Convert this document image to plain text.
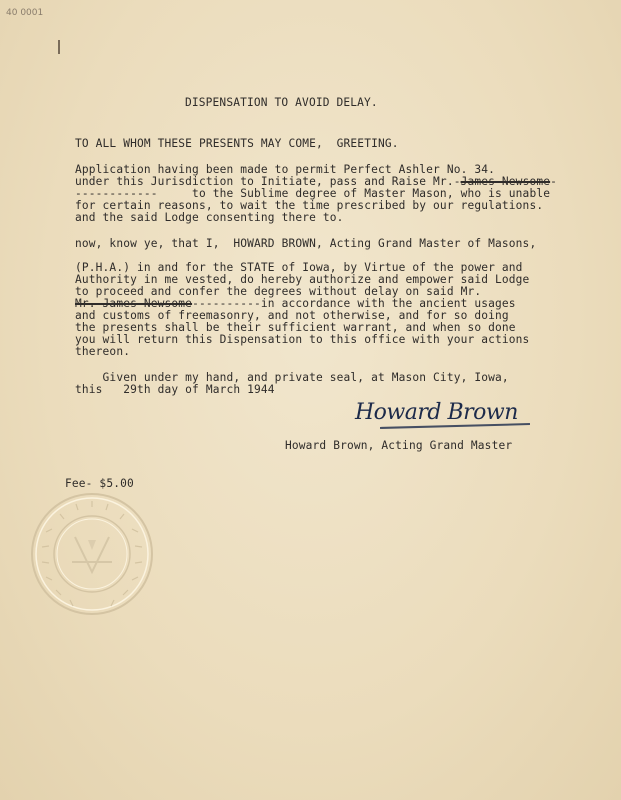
40 0001
DISPENSATION TO AVOID DELAY.
TO ALL WHOM THESE PRESENTS MAY COME,  GREETING.
Application having been made to permit Perfect Ashler No. 34.
under this Jurisdiction to Initiate, pass and Raise Mr.-James Newsome-
------------     to the Sublime degree of Master Mason, who is unable
for certain reasons, to wait the time prescribed by our regulations.
and the said Lodge consenting there to.
now, know ye, that I,  HOWARD BROWN, Acting Grand Master of Masons,
(P.H.A.) in and for the STATE of Iowa, by Virtue of the power and
Authority in me vested, do hereby authorize and empower said Lodge
to proceed and confer the degrees without delay on said Mr.
Mr. James Newsome----------in accordance with the ancient usages
and customs of freemasonry, and not otherwise, and for so doing
the presents shall be their sufficient warrant, and when so done
you will return this Dispensation to this office with your actions
thereon.
Given under my hand, and private seal, at Mason City, Iowa,
this   29th day of March 1944
Howard Brown
Howard Brown, Acting Grand Master
Fee- $5.00
